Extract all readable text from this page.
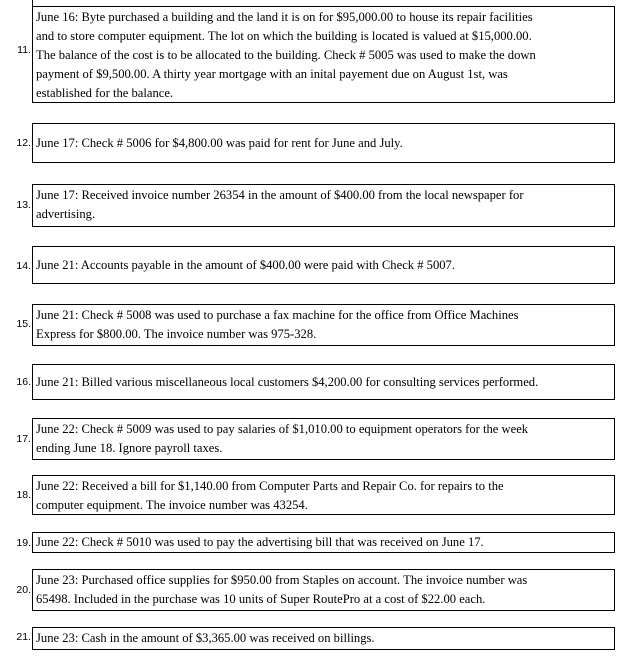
11.
June 16: Byte purchased a building and the land it is on for $95,000.00 to house its repair facilities
and to store computer equipment. The lot on which the building is located is valued at $15,000.00.
The balance of the cost is to be allocated to the building. Check # 5005 was used to make the down
payment of $9,500.00. A thirty year mortgage with an inital payement due on August 1st, was
established for the balance.
12. June 17: Check # 5006 for $4,800.00 was paid for rent for June and July.
13.
June 17: Received invoice number 26354 in the amount of $400.00 from the local newspaper for
advertising.
14. June 21: Accounts payable in the amount of $400.00 were paid with Check # 5007.
15.
June 21: Check # 5008 was used to purchase a fax machine for the office from Office Machines
Express for $800.00. The invoice number was 975-328.
16. June 21: Billed various miscellaneous local customers $4,200.00 for consulting services performed.
17.
June 22: Check # 5009 was used to pay salaries of $1,010.00 to equipment operators for the week
ending June 18. Ignore payroll taxes.
18.
June 22: Received a bill for $1,140.00 from Computer Parts and Repair Co. for repairs to the
computer equipment. The invoice number was 43254.
19. June 22: Check # 5010 was used to pay the advertising bill that was received on June 17.
20.
June 23: Purchased office supplies for $950.00 from Staples on account. The invoice number was
65498. Included in the purchase was 10 units of Super RoutePro at a cost of $22.00 each.
21. June 23: Cash in the amount of $3,365.00 was received on billings.
